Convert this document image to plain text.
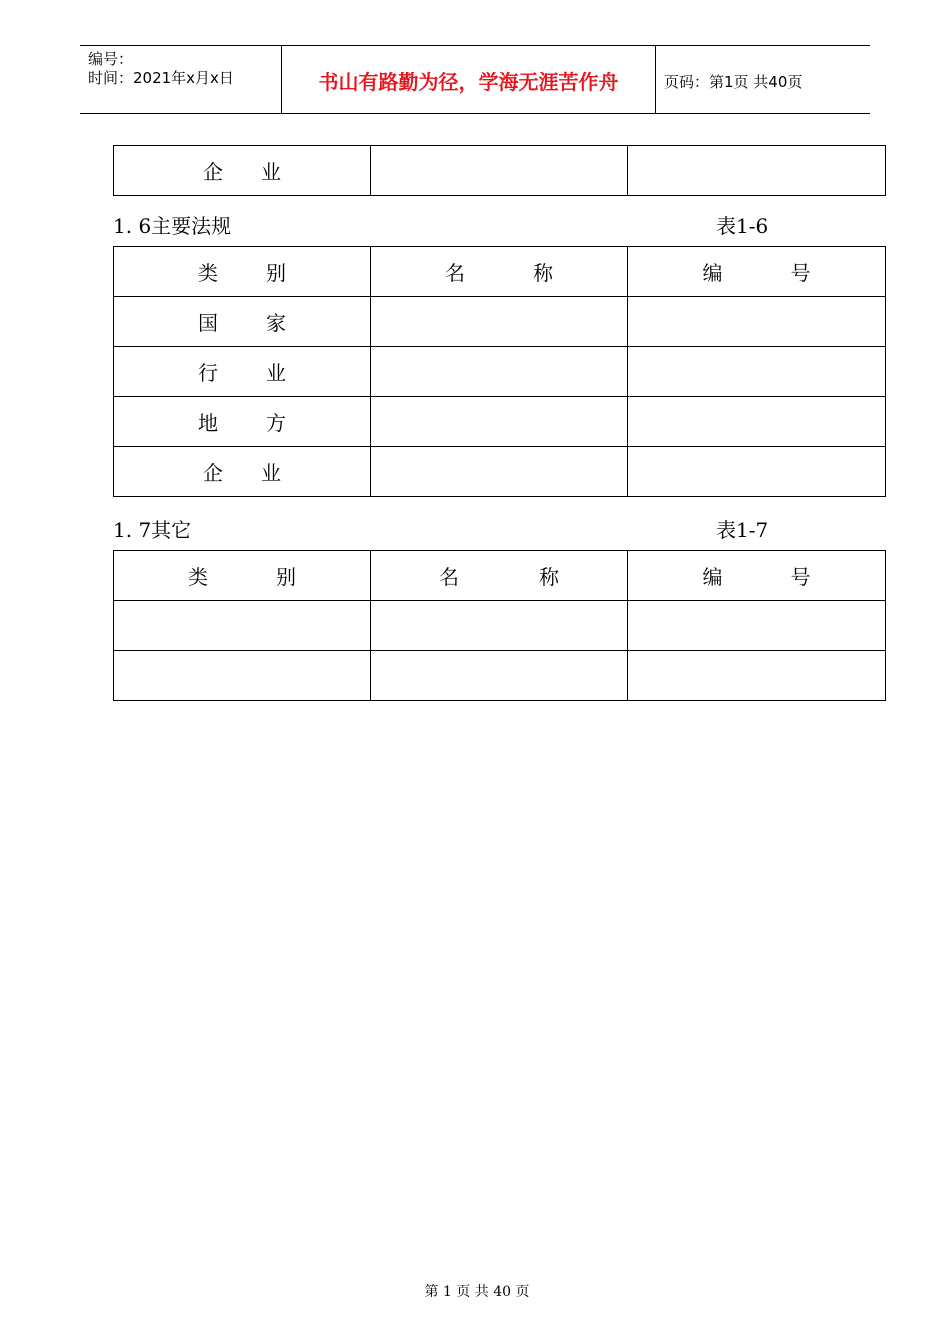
编号：
时间：2021年x月x日	书山有路勤为径，学海无涯苦作舟	页码：第1页 共40页
企 业		
1. 6主要法规	表1-6
类 别	名 称	编 号
国 家		
行 业		
地 方		
企 业		
1. 7其它	表1-7
类 别	名 称	编 号

第 1 页 共 40 页
